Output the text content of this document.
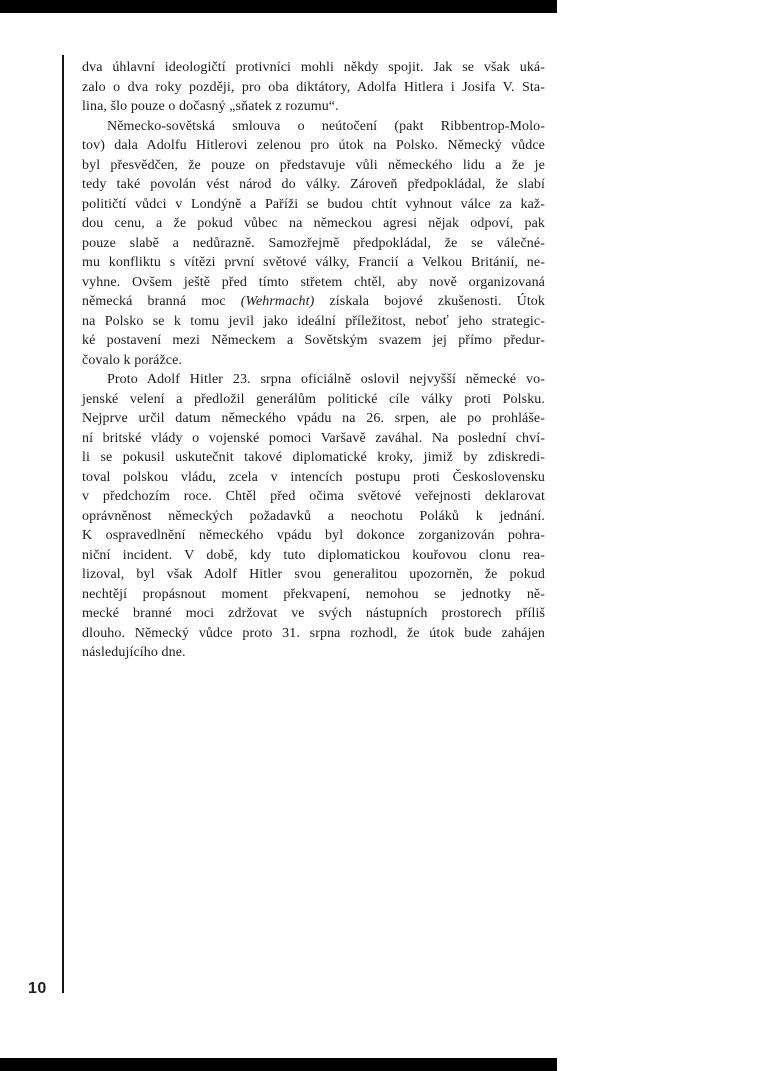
10
dva úhlavní ideologičtí protivníci mohli někdy spojit. Jak se však uká-
zalo o dva roky později, pro oba diktátory, Adolfa Hitlera i Josifa V. Sta-
lina, šlo pouze o dočasný „sňatek z rozumu“.
Německo-sovětská smlouva o neútočení (pakt Ribbentrop-Molo-
tov) dala Adolfu Hitlerovi zelenou pro útok na Polsko. Německý vůdce
byl přesvědčen, že pouze on představuje vůli německého lidu a že je
tedy také povolán vést národ do války. Zároveň předpokládal, že slabí
političtí vůdci v Londýně a Paříži se budou chtít vyhnout válce za kaž-
dou cenu, a že pokud vůbec na německou agresi nějak odpoví, pak
pouze slabě a nedůrazně. Samozřejmě předpokládal, že se válečné-
mu konfliktu s vítězi první světové války, Francií a Velkou Británií, ne-
vyhne. Ovšem ještě před tímto střetem chtěl, aby nově organizovaná
německá branná moc (Wehrmacht) získala bojové zkušenosti. Útok
na Polsko se k tomu jevil jako ideální příležitost, neboť jeho strategic-
ké postavení mezi Německem a Sovětským svazem jej přímo předur-
čovalo k porážce.
Proto Adolf Hitler 23. srpna oficiálně oslovil nejvyšší německé vo-
jenské velení a předložil generálům politické cíle války proti Polsku.
Nejprve určil datum německého vpádu na 26. srpen, ale po prohláše-
ní britské vlády o vojenské pomoci Varšavě zaváhal. Na poslední chví-
li se pokusil uskutečnit takové diplomatické kroky, jimiž by zdiskredi-
toval polskou vládu, zcela v intencích postupu proti Československu
v předchozím roce. Chtěl před očima světové veřejnosti deklarovat
oprávněnost německých požadavků a neochotu Poláků k jednání.
K ospravedlnění německého vpádu byl dokonce zorganizován pohra-
niční incident. V době, kdy tuto diplomatickou kouřovou clonu rea-
lizoval, byl však Adolf Hitler svou generalitou upozorněn, že pokud
nechtějí propásnout moment překvapení, nemohou se jednotky ně-
mecké branné moci zdržovat ve svých nástupních prostorech příliš
dlouho. Německý vůdce proto 31. srpna rozhodl, že útok bude zahájen
následujícího dne.
